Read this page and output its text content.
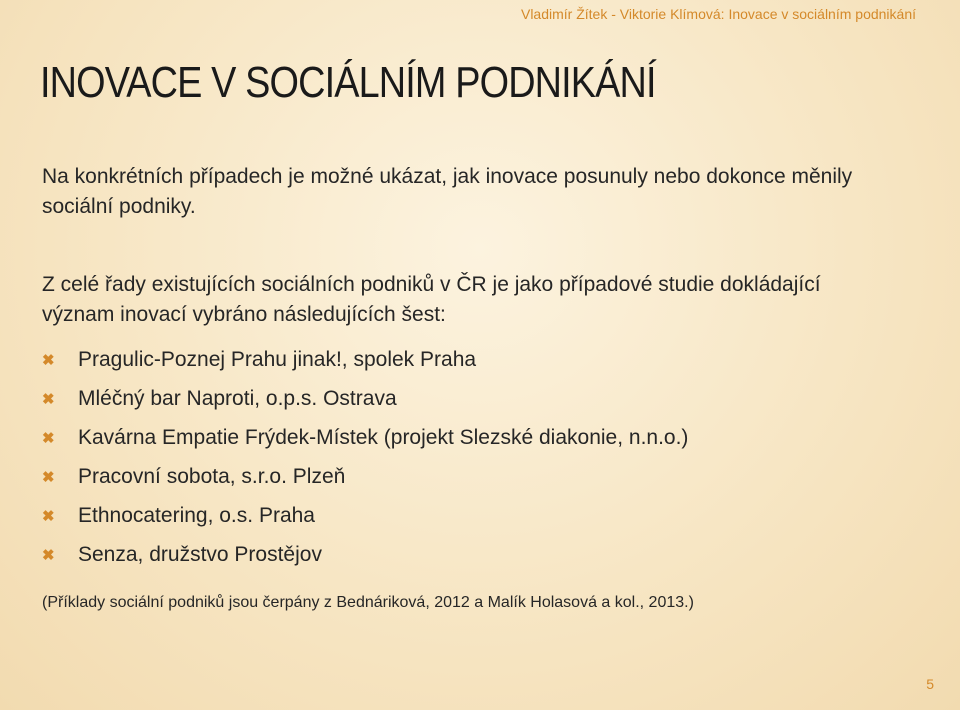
Vladimír Žítek - Viktorie Klímová: Inovace v sociálním podnikání
INOVACE V SOCIÁLNÍM PODNIKÁNÍ

Na konkrétních případech je možné ukázat, jak inovace posunuly nebo dokonce měnily sociální podniky.

Z celé řady existujících sociálních podniků v ČR je jako případové studie dokládající význam inovací vybráno následujících šest:

✖	Pragulic-Poznej Prahu jinak!, spolek Praha
✖	Mléčný bar Naproti, o.p.s. Ostrava
✖	Kavárna Empatie Frýdek-Místek (projekt Slezské diakonie, n.n.o.)
✖	Pracovní sobota, s.r.o. Plzeň
✖	Ethnocatering, o.s. Praha
✖	Senza, družstvo Prostějov

(Příklady sociální podniků jsou čerpány z Bednáriková, 2012 a Malík Holasová a kol., 2013.)

5
